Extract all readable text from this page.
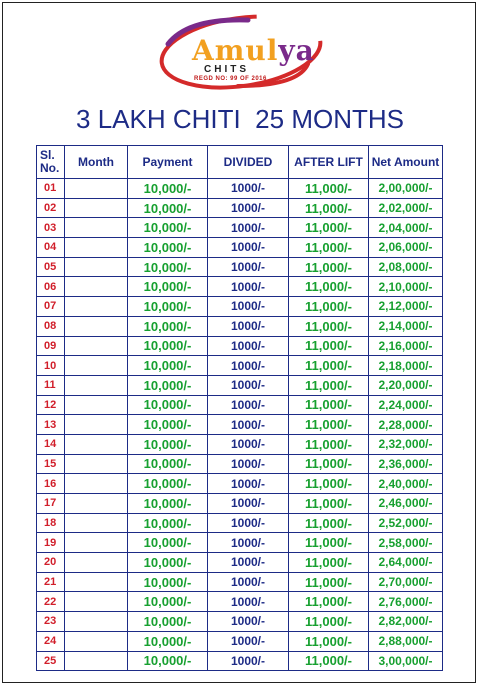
Amulya
CHITS
REGD NO: 99 OF 2016
3 LAKH CHITI  25 MONTHS
Sl. No.	Month	Payment	DIVIDED	AFTER LIFT	Net Amount
01		10,000/-	1000/-	11,000/-	2,00,000/-
02		10,000/-	1000/-	11,000/-	2,02,000/-
03		10,000/-	1000/-	11,000/-	2,04,000/-
04		10,000/-	1000/-	11,000/-	2,06,000/-
05		10,000/-	1000/-	11,000/-	2,08,000/-
06		10,000/-	1000/-	11,000/-	2,10,000/-
07		10,000/-	1000/-	11,000/-	2,12,000/-
08		10,000/-	1000/-	11,000/-	2,14,000/-
09		10,000/-	1000/-	11,000/-	2,16,000/-
10		10,000/-	1000/-	11,000/-	2,18,000/-
11		10,000/-	1000/-	11,000/-	2,20,000/-
12		10,000/-	1000/-	11,000/-	2,24,000/-
13		10,000/-	1000/-	11,000/-	2,28,000/-
14		10,000/-	1000/-	11,000/-	2,32,000/-
15		10,000/-	1000/-	11,000/-	2,36,000/-
16		10,000/-	1000/-	11,000/-	2,40,000/-
17		10,000/-	1000/-	11,000/-	2,46,000/-
18		10,000/-	1000/-	11,000/-	2,52,000/-
19		10,000/-	1000/-	11,000/-	2,58,000/-
20		10,000/-	1000/-	11,000/-	2,64,000/-
21		10,000/-	1000/-	11,000/-	2,70,000/-
22		10,000/-	1000/-	11,000/-	2,76,000/-
23		10,000/-	1000/-	11,000/-	2,82,000/-
24		10,000/-	1000/-	11,000/-	2,88,000/-
25		10,000/-	1000/-	11,000/-	3,00,000/-
